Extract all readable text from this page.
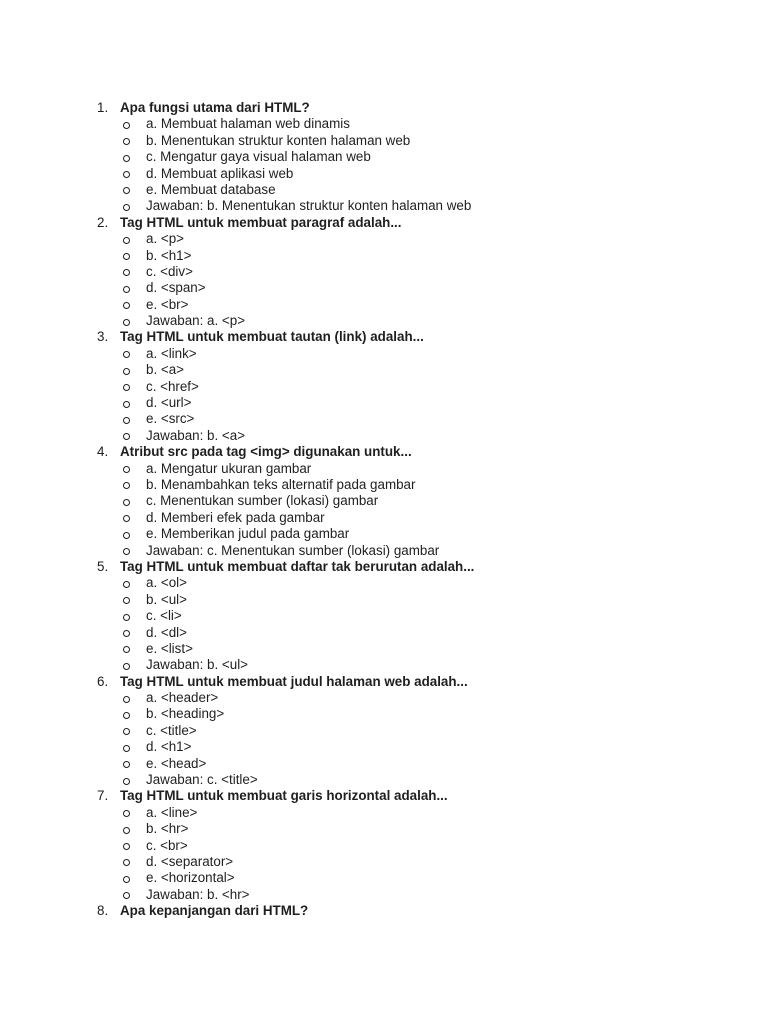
1. Apa fungsi utama dari HTML?
a. Membuat halaman web dinamis
b. Menentukan struktur konten halaman web
c. Mengatur gaya visual halaman web
d. Membuat aplikasi web
e. Membuat database
Jawaban: b. Menentukan struktur konten halaman web
2. Tag HTML untuk membuat paragraf adalah...
a. <p>
b. <h1>
c. <div>
d. <span>
e. <br>
Jawaban: a. <p>
3. Tag HTML untuk membuat tautan (link) adalah...
a. <link>
b. <a>
c. <href>
d. <url>
e. <src>
Jawaban: b. <a>
4. Atribut src pada tag <img> digunakan untuk...
a. Mengatur ukuran gambar
b. Menambahkan teks alternatif pada gambar
c. Menentukan sumber (lokasi) gambar
d. Memberi efek pada gambar
e. Memberikan judul pada gambar
Jawaban: c. Menentukan sumber (lokasi) gambar
5. Tag HTML untuk membuat daftar tak berurutan adalah...
a. <ol>
b. <ul>
c. <li>
d. <dl>
e. <list>
Jawaban: b. <ul>
6. Tag HTML untuk membuat judul halaman web adalah...
a. <header>
b. <heading>
c. <title>
d. <h1>
e. <head>
Jawaban: c. <title>
7. Tag HTML untuk membuat garis horizontal adalah...
a. <line>
b. <hr>
c. <br>
d. <separator>
e. <horizontal>
Jawaban: b. <hr>
8. Apa kepanjangan dari HTML?
